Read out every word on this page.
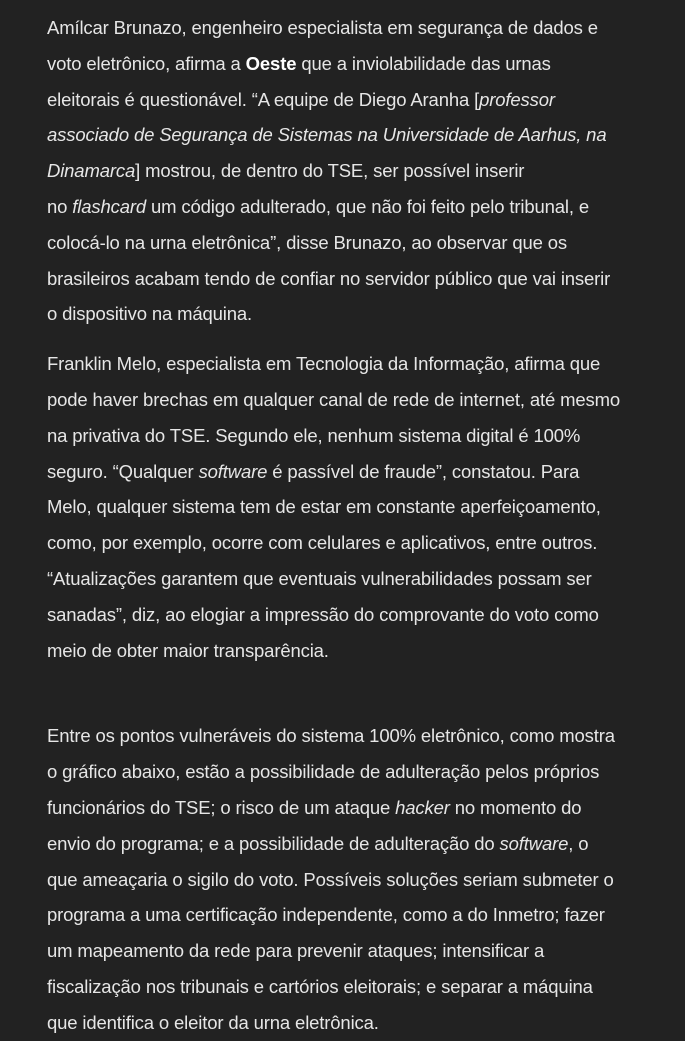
Amílcar Brunazo, engenheiro especialista em segurança de dados e
voto eletrônico, afirma a Oeste que a inviolabilidade das urnas
eleitorais é questionável. “A equipe de Diego Aranha [professor
associado de Segurança de Sistemas na Universidade de Aarhus, na
Dinamarca] mostrou, de dentro do TSE, ser possível inserir
no flashcard um código adulterado, que não foi feito pelo tribunal, e
colocá-lo na urna eletrônica”, disse Brunazo, ao observar que os
brasileiros acabam tendo de confiar no servidor público que vai inserir
o dispositivo na máquina.

Franklin Melo, especialista em Tecnologia da Informação, afirma que
pode haver brechas em qualquer canal de rede de internet, até mesmo
na privativa do TSE. Segundo ele, nenhum sistema digital é 100%
seguro. “Qualquer software é passível de fraude”, constatou. Para
Melo, qualquer sistema tem de estar em constante aperfeiçoamento,
como, por exemplo, ocorre com celulares e aplicativos, entre outros.
“Atualizações garantem que eventuais vulnerabilidades possam ser
sanadas”, diz, ao elogiar a impressão do comprovante do voto como
meio de obter maior transparência.

Entre os pontos vulneráveis do sistema 100% eletrônico, como mostra
o gráfico abaixo, estão a possibilidade de adulteração pelos próprios
funcionários do TSE; o risco de um ataque hacker no momento do
envio do programa; e a possibilidade de adulteração do software, o
que ameaçaria o sigilo do voto. Possíveis soluções seriam submeter o
programa a uma certificação independente, como a do Inmetro; fazer
um mapeamento da rede para prevenir ataques; intensificar a
fiscalização nos tribunais e cartórios eleitorais; e separar a máquina
que identifica o eleitor da urna eletrônica.
